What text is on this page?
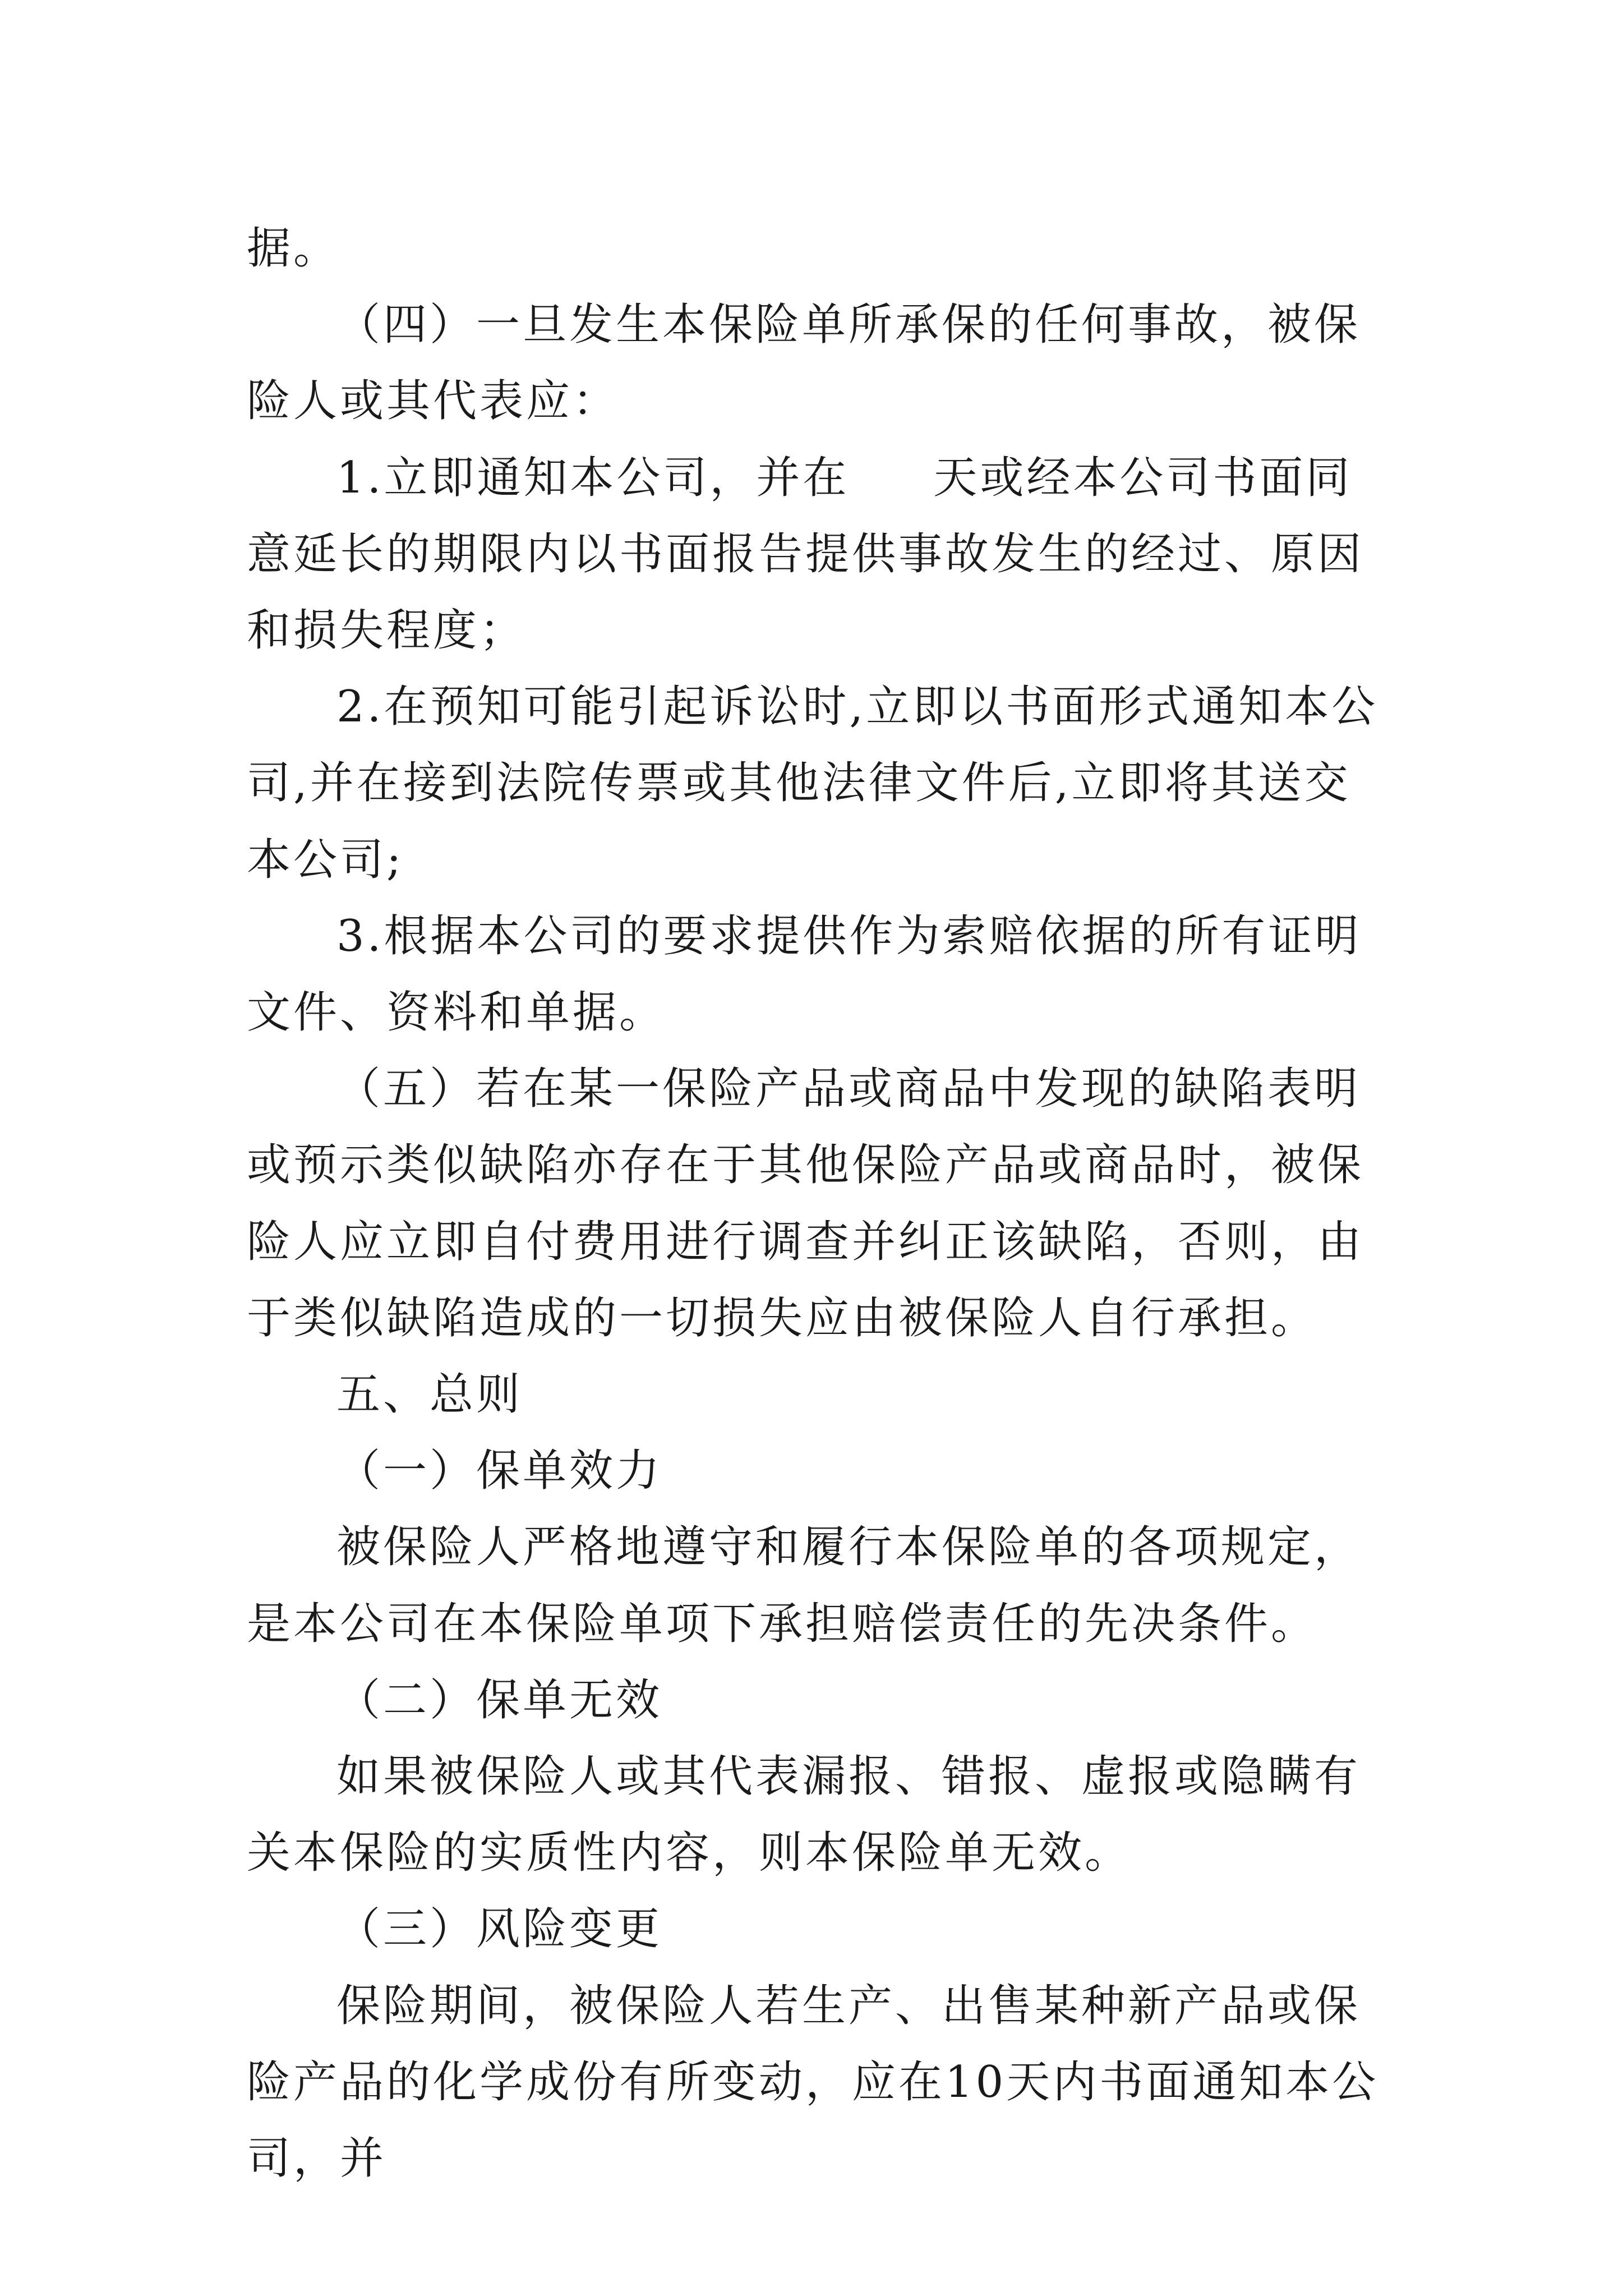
据。

（四）一旦发生本保险单所承保的任何事故，被保险人或其代表应：

1.立即通知本公司，并在 天或经本公司书面同意延长的期限内以书面报告提供事故发生的经过、原因和损失程度；

2.在预知可能引起诉讼时,立即以书面形式通知本公司,并在接到法院传票或其他法律文件后,立即将其送交本公司;

3.根据本公司的要求提供作为索赔依据的所有证明文件、资料和单据。

（五）若在某一保险产品或商品中发现的缺陷表明或预示类似缺陷亦存在于其他保险产品或商品时，被保险人应立即自付费用进行调查并纠正该缺陷，否则，由于类似缺陷造成的一切损失应由被保险人自行承担。

五、总则

（一）保单效力

被保险人严格地遵守和履行本保险单的各项规定，是本公司在本保险单项下承担赔偿责任的先决条件。

（二）保单无效

如果被保险人或其代表漏报、错报、虚报或隐瞒有关本保险的实质性内容，则本保险单无效。

（三）风险变更

保险期间，被保险人若生产、出售某种新产品或保险产品的化学成份有所变动，应在10天内书面通知本公司，并
